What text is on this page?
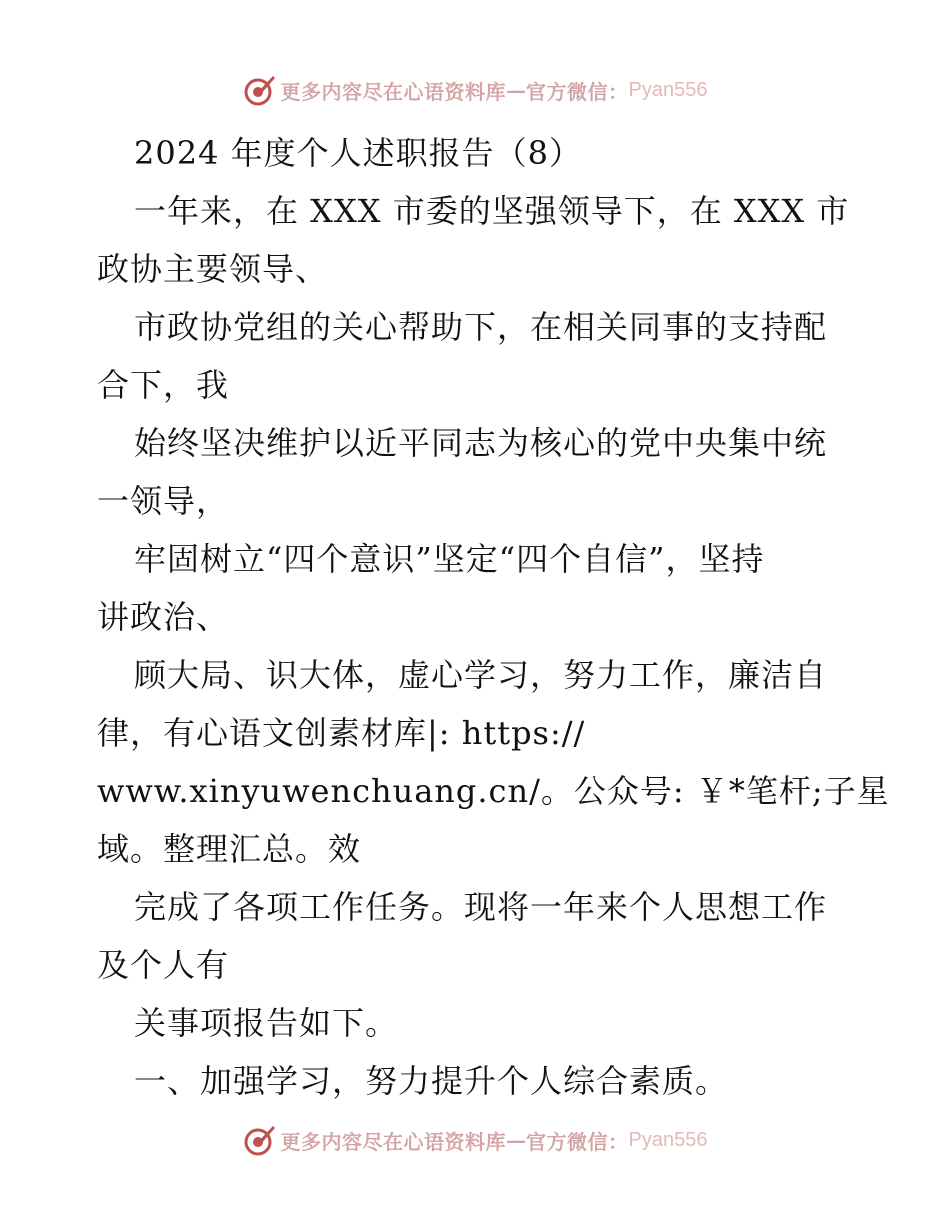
更多内容尽在心语资料库 — 官方微信： Pyan556
2024 年度个人述职报告（8）
一年来，在 XXX 市委的坚强领导下，在 XXX 市
政协主要领导、
市政协党组的关心帮助下，在相关同事的支持配
合下，我
始终坚决维护以近平同志为核心的党中央集中统
一领导，
牢固树立“四个意识”坚定“四个自信”，坚持
讲政治、
顾大局、识大体，虚心学习，努力工作，廉洁自
律，有心语文创素材库|: https://
www.xinyuwenchuang.cn/。公众号: ￥*笔杆;子星
域。整理汇总。效
完成了各项工作任务。现将一年来个人思想工作
及个人有
关事项报告如下。
一、加强学习，努力提升个人综合素质。
更多内容尽在心语资料库 — 官方微信： Pyan556
